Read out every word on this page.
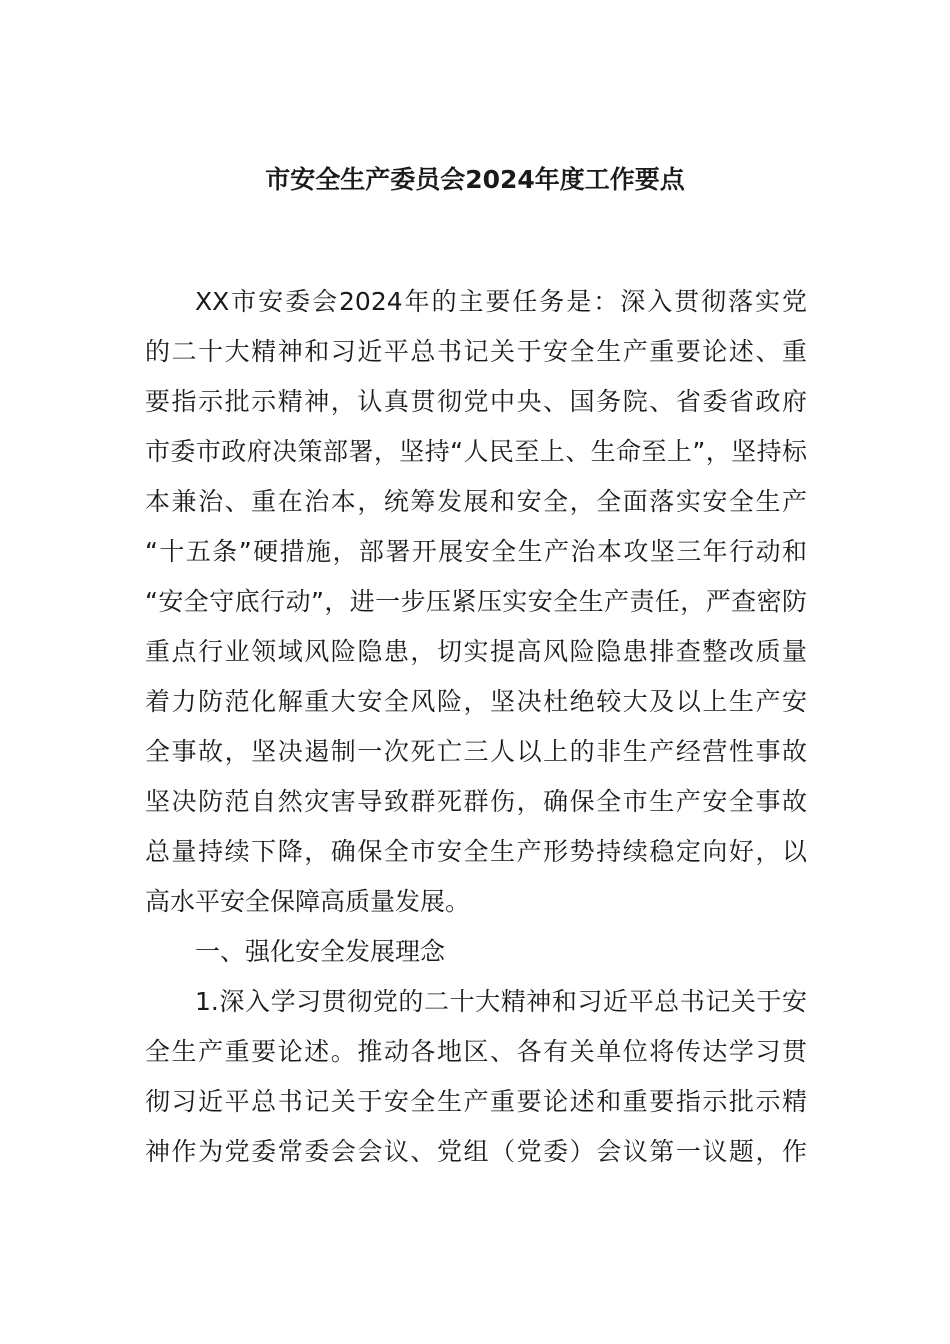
市安全生产委员会2024年度工作要点
XX市安委会2024年的主要任务是：深入贯彻落实党
的二十大精神和习近平总书记关于安全生产重要论述、重
要指示批示精神，认真贯彻党中央、国务院、省委省政府
市委市政府决策部署，坚持“人民至上、生命至上”，坚持标
本兼治、重在治本，统筹发展和安全，全面落实安全生产
“十五条”硬措施，部署开展安全生产治本攻坚三年行动和
“安全守底行动”，进一步压紧压实安全生产责任，严查密防
重点行业领域风险隐患，切实提高风险隐患排查整改质量
着力防范化解重大安全风险，坚决杜绝较大及以上生产安
全事故，坚决遏制一次死亡三人以上的非生产经营性事故
坚决防范自然灾害导致群死群伤，确保全市生产安全事故
总量持续下降，确保全市安全生产形势持续稳定向好，以
高水平安全保障高质量发展。
一、强化安全发展理念
1.深入学习贯彻党的二十大精神和习近平总书记关于安
全生产重要论述。推动各地区、各有关单位将传达学习贯
彻习近平总书记关于安全生产重要论述和重要指示批示精
神作为党委常委会会议、党组（党委）会议第一议题，作
